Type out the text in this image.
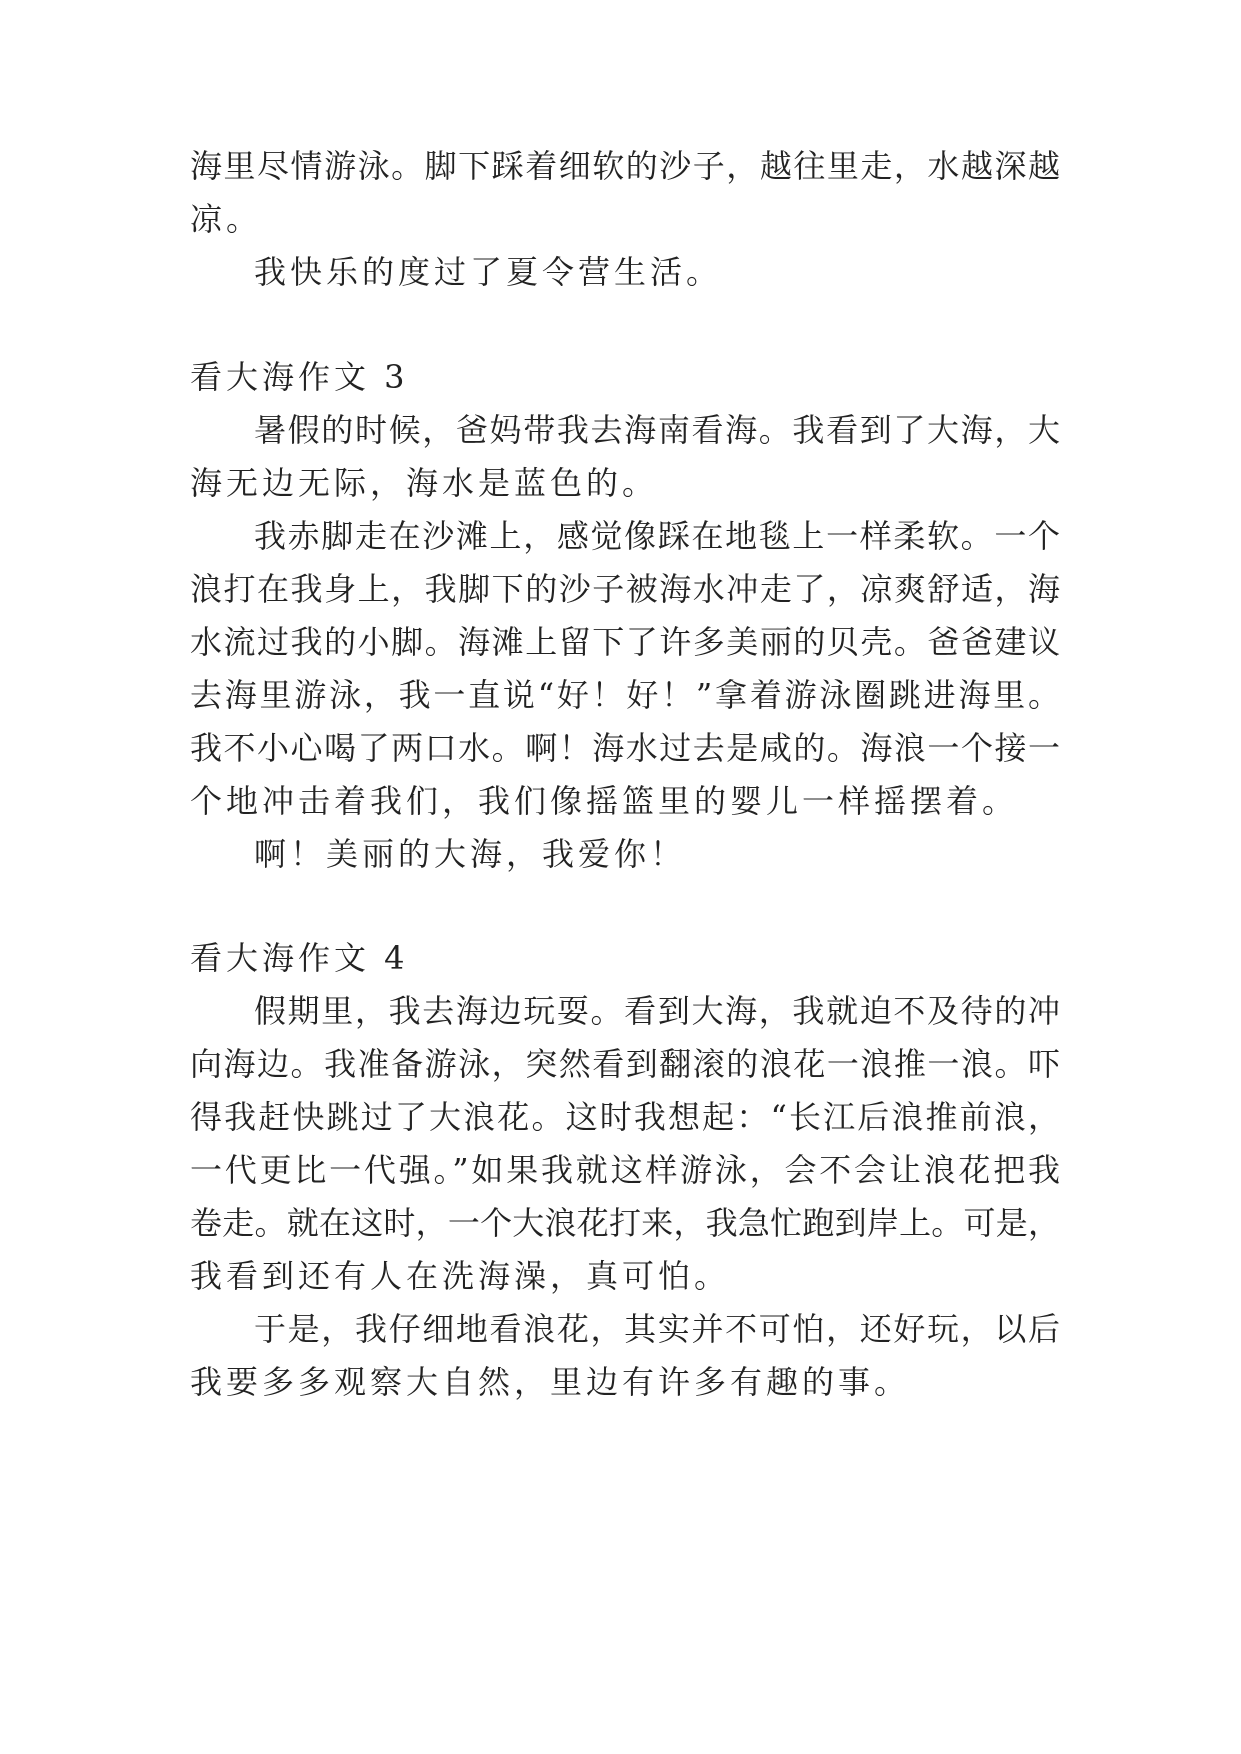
海里尽情游泳。脚下踩着细软的沙子，越往里走，水越深越
凉。
我快乐的度过了夏令营生活。
看大海作文 3
暑假的时候，爸妈带我去海南看海。我看到了大海，大
海无边无际，海水是蓝色的。
我赤脚走在沙滩上，感觉像踩在地毯上一样柔软。一个
浪打在我身上，我脚下的沙子被海水冲走了，凉爽舒适，海
水流过我的小脚。海滩上留下了许多美丽的贝壳。爸爸建议
去海里游泳，我一直说“好！好！”拿着游泳圈跳进海里。
我不小心喝了两口水。啊！海水过去是咸的。海浪一个接一
个地冲击着我们，我们像摇篮里的婴儿一样摇摆着。
啊！美丽的大海，我爱你！
看大海作文 4
假期里，我去海边玩耍。看到大海，我就迫不及待的冲
向海边。我准备游泳，突然看到翻滚的浪花一浪推一浪。吓
得我赶快跳过了大浪花。这时我想起：“长江后浪推前浪，
一代更比一代强。”如果我就这样游泳，会不会让浪花把我
卷走。就在这时，一个大浪花打来，我急忙跑到岸上。可是，
我看到还有人在洗海澡，真可怕。
于是，我仔细地看浪花，其实并不可怕，还好玩，以后
我要多多观察大自然，里边有许多有趣的事。
